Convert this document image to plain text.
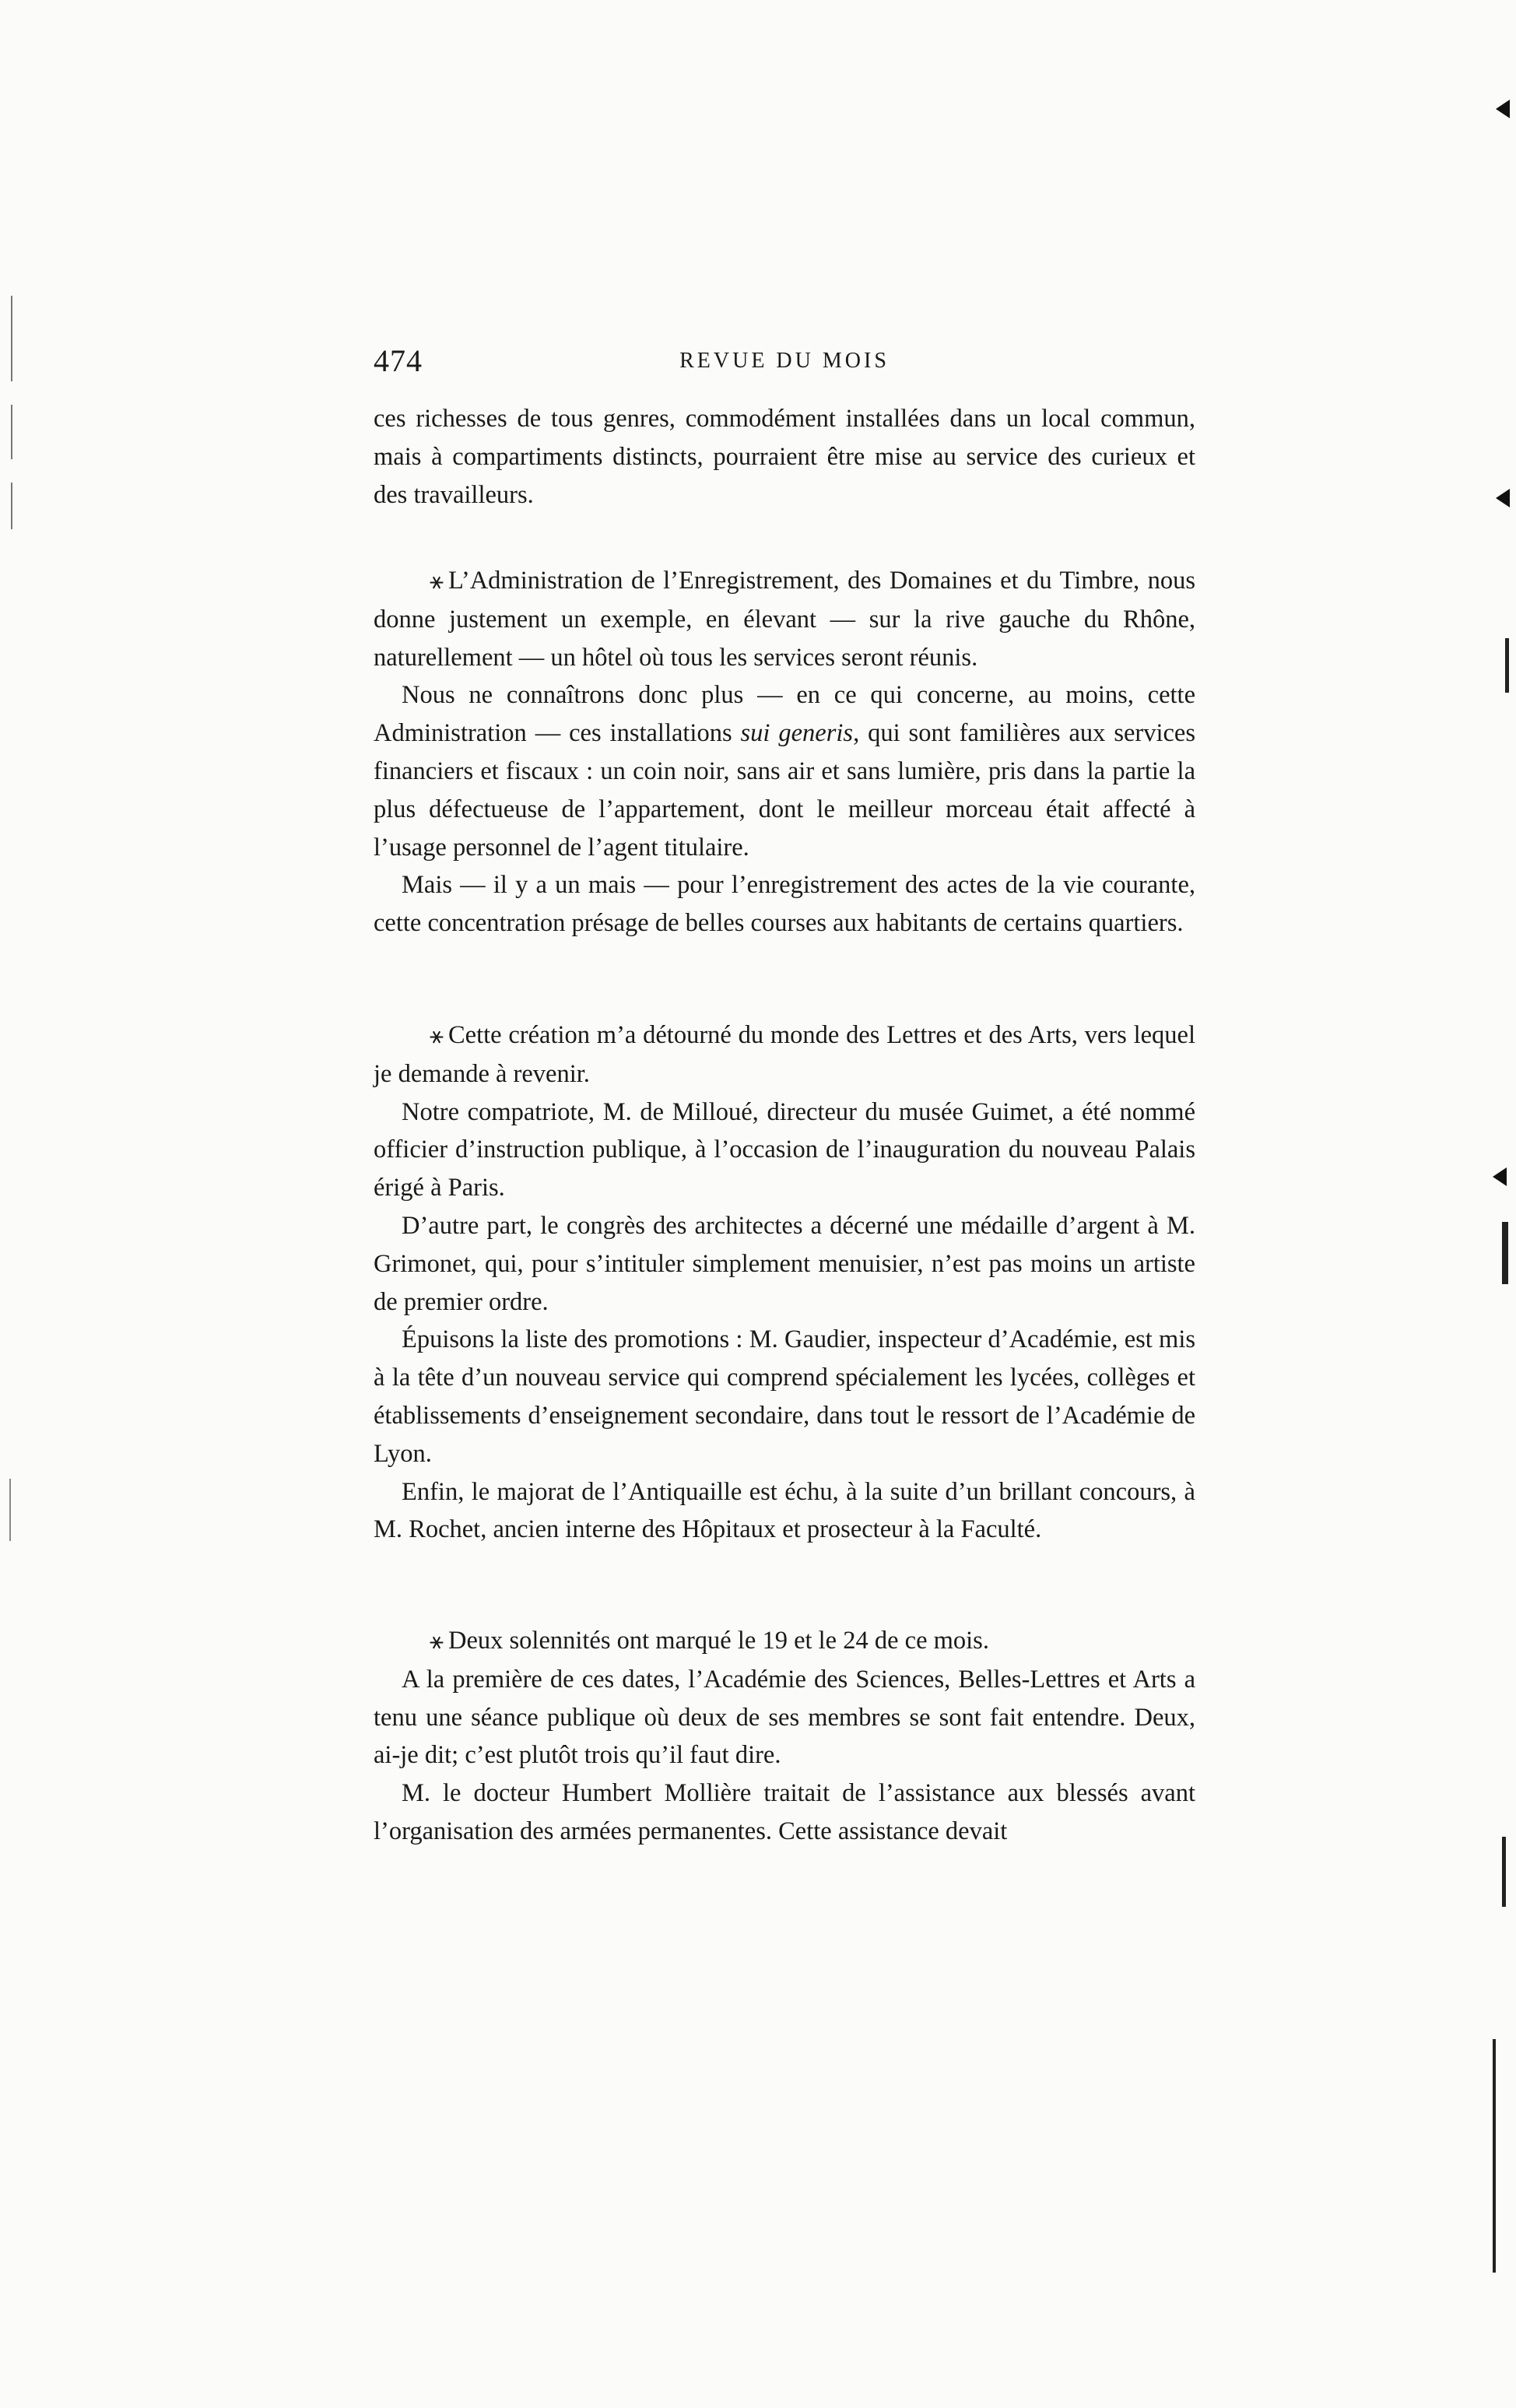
474	REVUE DU MOIS

ces richesses de tous genres, commodément installées dans un local commun, mais à compartiments distincts, pourraient être mise au service des curieux et des travailleurs.

⚹ L’Administration de l’Enregistrement, des Domaines et du Timbre, nous donne justement un exemple, en élevant — sur la rive gauche du Rhône, naturellement — un hôtel où tous les services seront réunis.

Nous ne connaîtrons donc plus — en ce qui concerne, au moins, cette Administration — ces installations sui generis, qui sont familières aux services financiers et fiscaux : un coin noir, sans air et sans lumière, pris dans la partie la plus défectueuse de l’appartement, dont le meilleur morceau était affecté à l’usage personnel de l’agent titulaire.

Mais — il y a un mais — pour l’enregistrement des actes de la vie courante, cette concentration présage de belles courses aux habitants de certains quartiers.

⚹ Cette création m’a détourné du monde des Lettres et des Arts, vers lequel je demande à revenir.

Notre compatriote, M. de Milloué, directeur du musée Guimet, a été nommé officier d’instruction publique, à l’occasion de l’inauguration du nouveau Palais érigé à Paris.

D’autre part, le congrès des architectes a décerné une médaille d’argent à M. Grimonet, qui, pour s’intituler simplement menuisier, n’est pas moins un artiste de premier ordre.

Épuisons la liste des promotions : M. Gaudier, inspecteur d’Académie, est mis à la tête d’un nouveau service qui comprend spécialement les lycées, collèges et établissements d’enseignement secondaire, dans tout le ressort de l’Académie de Lyon.

Enfin, le majorat de l’Antiquaille est échu, à la suite d’un brillant concours, à M. Rochet, ancien interne des Hôpitaux et prosecteur à la Faculté.

⚹ Deux solennités ont marqué le 19 et le 24 de ce mois.

A la première de ces dates, l’Académie des Sciences, Belles-Lettres et Arts a tenu une séance publique où deux de ses membres se sont fait entendre. Deux, ai-je dit; c’est plutôt trois qu’il faut dire.

M. le docteur Humbert Mollière traitait de l’assistance aux blessés avant l’organisation des armées permanentes. Cette assistance devait
